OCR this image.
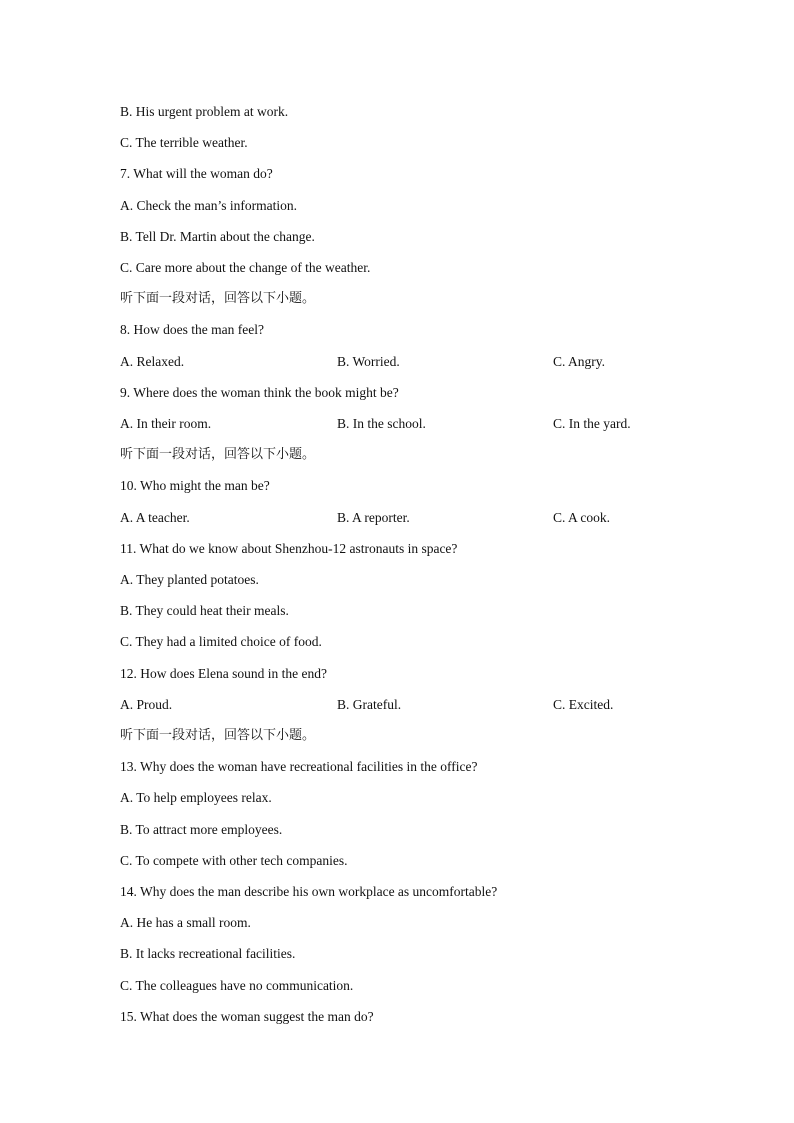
B. His urgent problem at work.
C. The terrible weather.
7. What will the woman do?
A. Check the man’s information.
B. Tell Dr. Martin about the change.
C. Care more about the change of the weather.
听下面一段对话，回答以下小题。
8. How does the man feel?
A. Relaxed.	B. Worried.	C. Angry.
9. Where does the woman think the book might be?
A. In their room.	B. In the school.	C. In the yard.
听下面一段对话，回答以下小题。
10. Who might the man be?
A. A teacher.	B. A reporter.	C. A cook.
11. What do we know about Shenzhou-12 astronauts in space?
A. They planted potatoes.
B. They could heat their meals.
C. They had a limited choice of food.
12. How does Elena sound in the end?
A. Proud.	B. Grateful.	C. Excited.
听下面一段对话，回答以下小题。
13. Why does the woman have recreational facilities in the office?
A. To help employees relax.
B. To attract more employees.
C. To compete with other tech companies.
14. Why does the man describe his own workplace as uncomfortable?
A. He has a small room.
B. It lacks recreational facilities.
C. The colleagues have no communication.
15. What does the woman suggest the man do?
